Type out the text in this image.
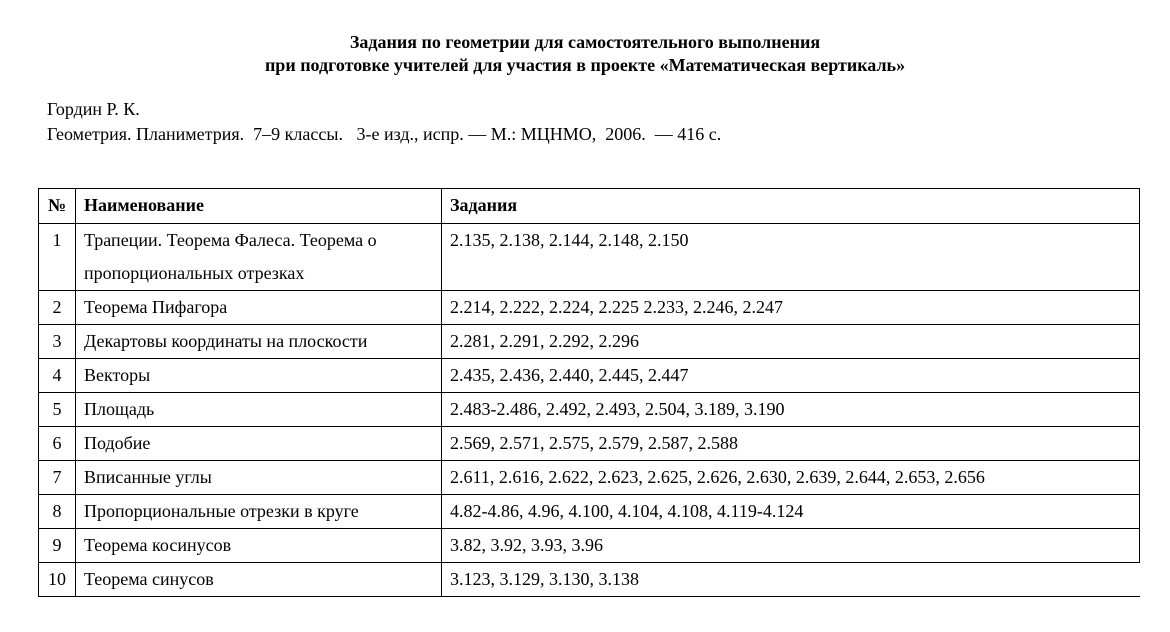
Задания по геометрии для самостоятельного выполнения
при подготовке учителей для участия в проекте «Математическая вертикаль»
Гордин Р. К.
Геометрия. Планиметрия.  7–9 классы.   3-е изд., испр. — М.: МЦНМО,  2006.  — 416 с.
№	Наименование	Задания
1	Трапеции. Теорема Фалеса. Теорема о пропорциональных отрезках	2.135, 2.138, 2.144, 2.148, 2.150
2	Теорема Пифагора	2.214, 2.222, 2.224, 2.225 2.233, 2.246, 2.247
3	Декартовы координаты на плоскости	2.281, 2.291, 2.292, 2.296
4	Векторы	2.435, 2.436, 2.440, 2.445, 2.447
5	Площадь	2.483-2.486, 2.492, 2.493, 2.504, 3.189, 3.190
6	Подобие	2.569, 2.571, 2.575, 2.579, 2.587, 2.588
7	Вписанные углы	2.611, 2.616, 2.622, 2.623, 2.625, 2.626, 2.630, 2.639, 2.644, 2.653, 2.656
8	Пропорциональные отрезки в круге	4.82-4.86, 4.96, 4.100, 4.104, 4.108, 4.119-4.124
9	Теорема косинусов	3.82, 3.92, 3.93, 3.96
10	Теорема синусов	3.123, 3.129, 3.130, 3.138
